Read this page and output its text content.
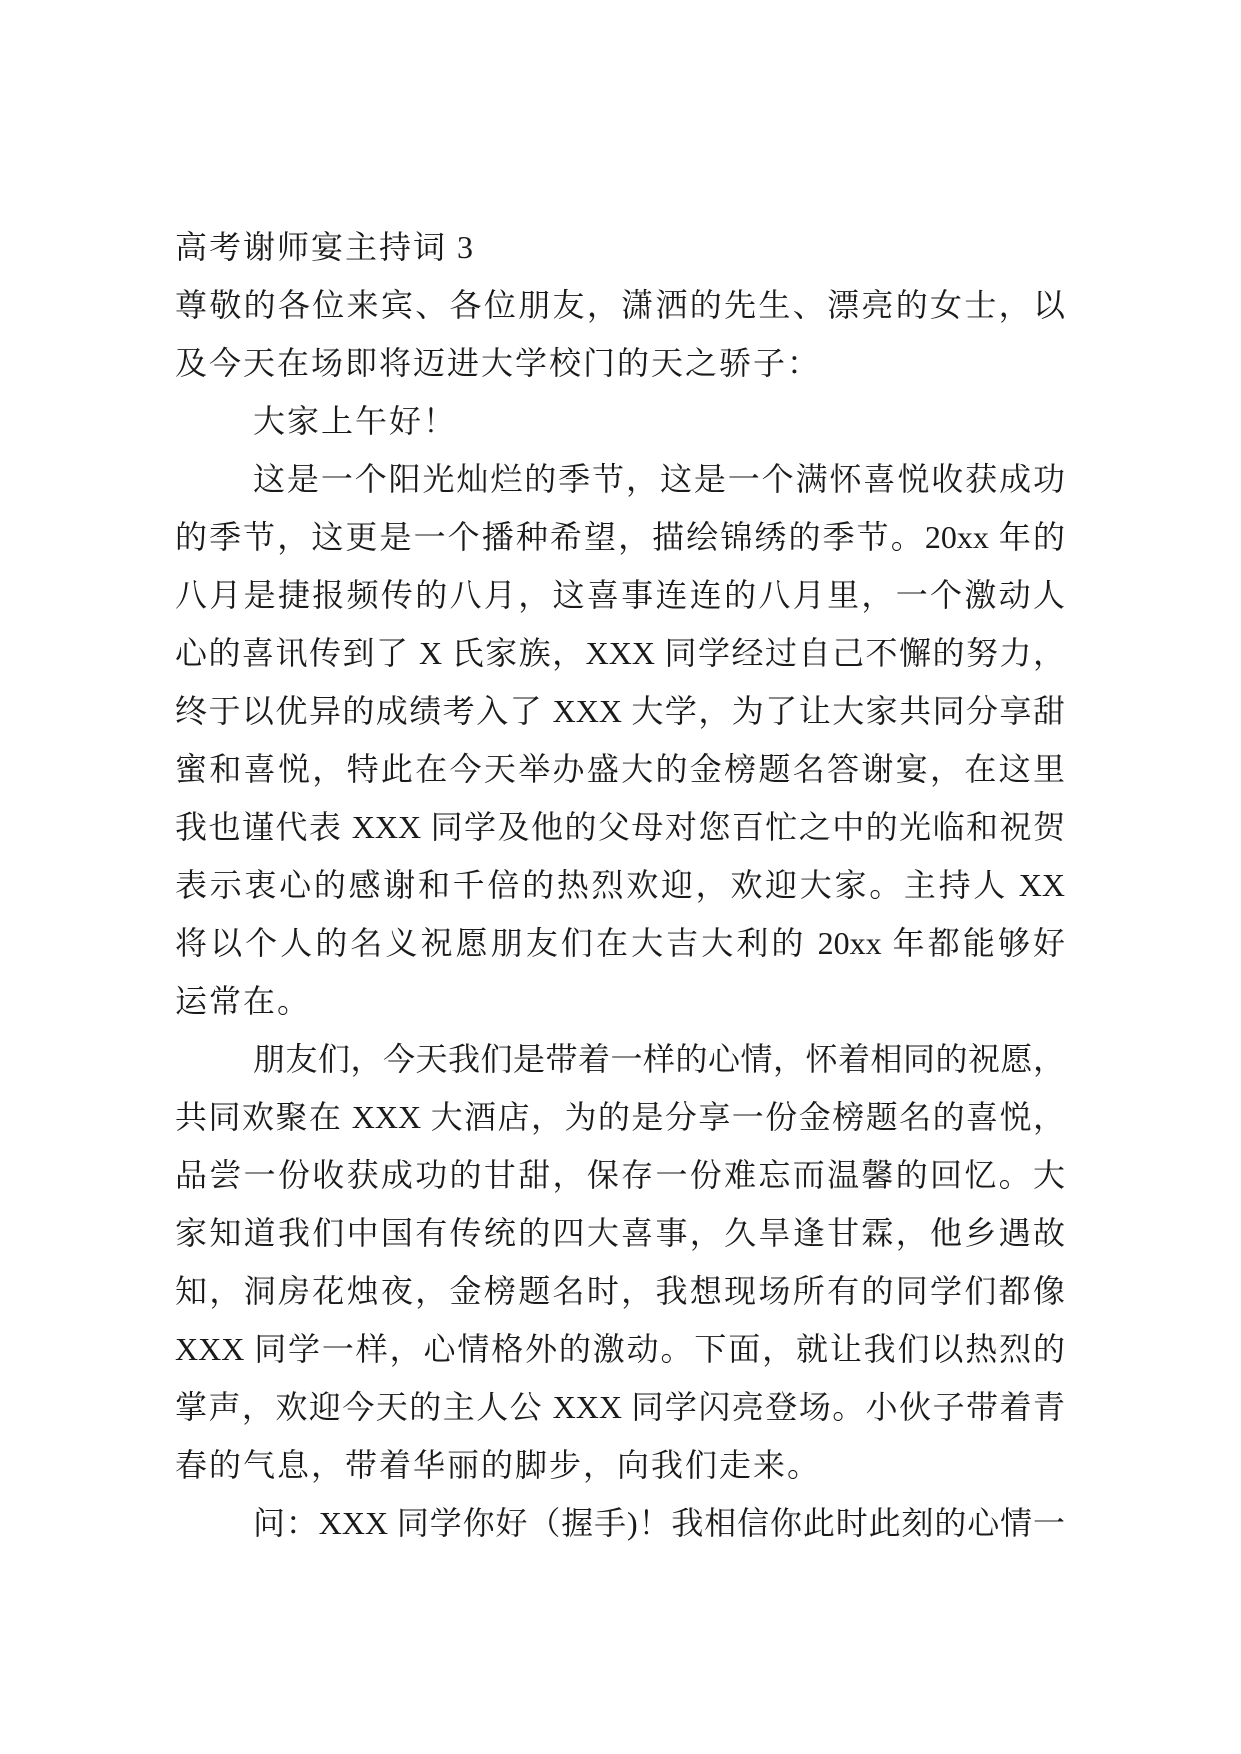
高考谢师宴主持词 3
尊敬的各位来宾、各位朋友，潇洒的先生、漂亮的女士，以
及今天在场即将迈进大学校门的天之骄子：
大家上午好！
这是一个阳光灿烂的季节，这是一个满怀喜悦收获成功
的季节，这更是一个播种希望，描绘锦绣的季节。20xx 年的
八月是捷报频传的八月，这喜事连连的八月里，一个激动人
心的喜讯传到了 X 氏家族，XXX 同学经过自己不懈的努力，
终于以优异的成绩考入了 XXX 大学，为了让大家共同分享甜
蜜和喜悦，特此在今天举办盛大的金榜题名答谢宴，在这里
我也谨代表 XXX 同学及他的父母对您百忙之中的光临和祝贺
表示衷心的感谢和千倍的热烈欢迎，欢迎大家。主持人 XX
将以个人的名义祝愿朋友们在大吉大利的 20xx 年都能够好
运常在。
朋友们，今天我们是带着一样的心情，怀着相同的祝愿，
共同欢聚在 XXX 大酒店，为的是分享一份金榜题名的喜悦，
品尝一份收获成功的甘甜，保存一份难忘而温馨的回忆。大
家知道我们中国有传统的四大喜事，久旱逢甘霖，他乡遇故
知，洞房花烛夜，金榜题名时，我想现场所有的同学们都像
XXX 同学一样，心情格外的激动。下面，就让我们以热烈的
掌声，欢迎今天的主人公 XXX 同学闪亮登场。小伙子带着青
春的气息，带着华丽的脚步，向我们走来。
问：XXX 同学你好（握手)！我相信你此时此刻的心情一
